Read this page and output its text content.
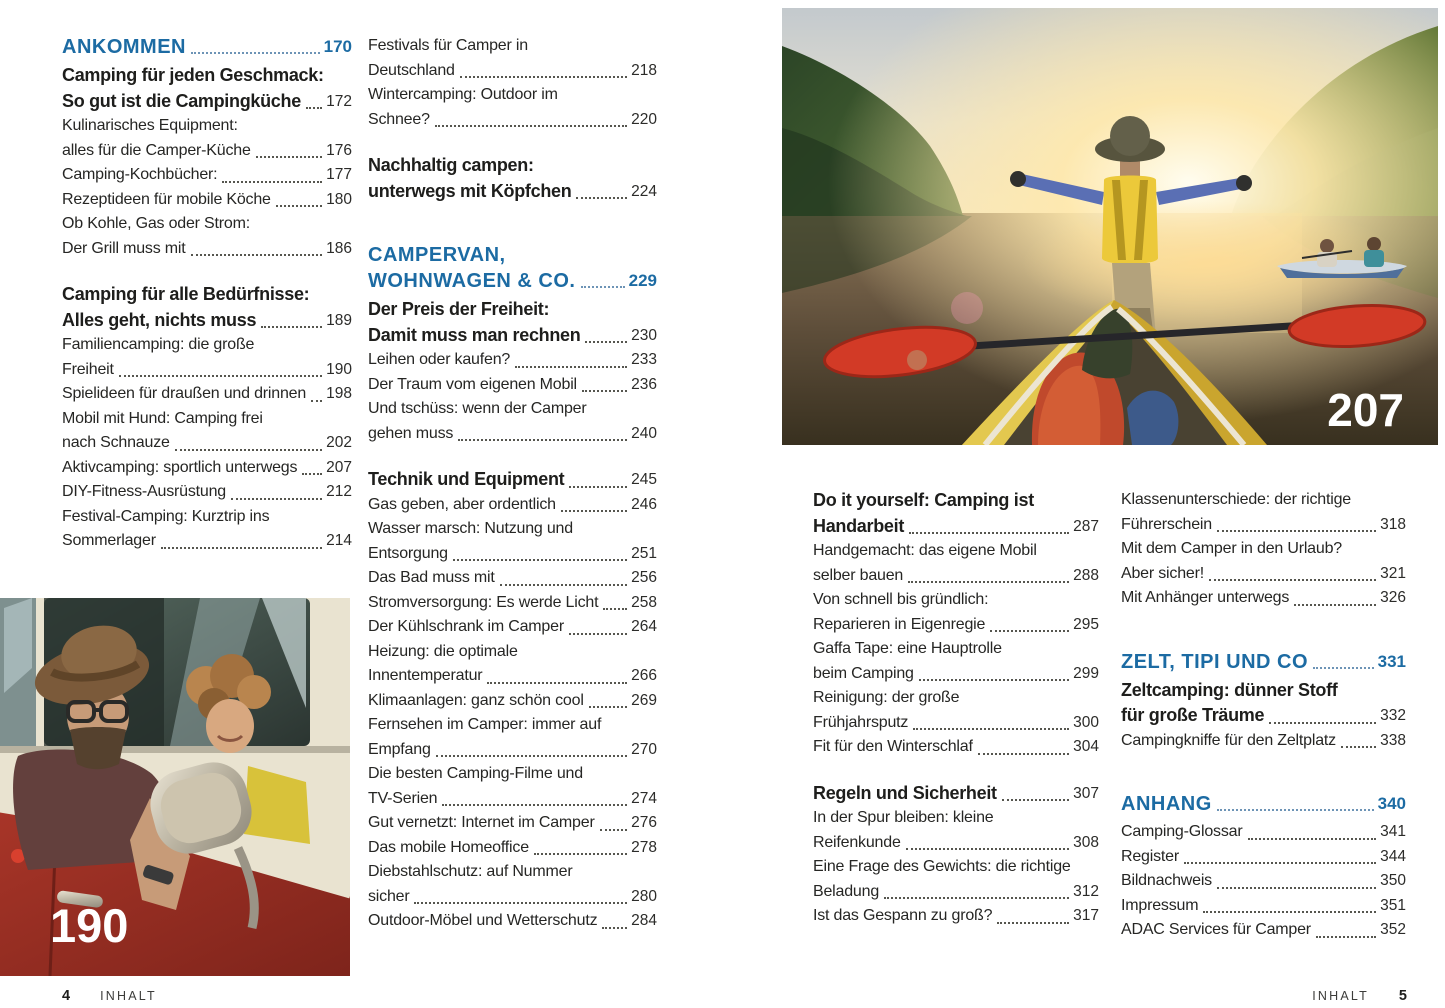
ANKOMMEN	170
Camping für jeden Geschmack:
So gut ist die Campingküche 172
Kulinarisches Equipment:
alles für die Camper-Küche	176
Camping-Kochbücher:	177
Rezeptideen für mobile Köche	180
Ob Kohle, Gas oder Strom:
Der Grill muss mit	186
Camping für alle Bedürfnisse:
Alles geht, nichts muss	189
Familiencamping: die große
Freiheit	190
Spielideen für draußen und drinnen 198
Mobil mit Hund: Camping frei
nach Schnauze	202
Aktivcamping: sportlich unterwegs 207
DIY-Fitness-Ausrüstung	212
Festival-Camping: Kurztrip ins
Sommerlager	214
Festivals für Camper in
Deutschland	218
Wintercamping: Outdoor im
Schnee?	220
Nachhaltig campen:
unterwegs mit Köpfchen	224
CAMPERVAN,
WOHNWAGEN & CO.	229
Der Preis der Freiheit:
Damit muss man rechnen	230
Leihen oder kaufen?	233
Der Traum vom eigenen Mobil	236
Und tschüss: wenn der Camper
gehen muss	240
Technik und Equipment	245
Gas geben, aber ordentlich	246
Wasser marsch: Nutzung und
Entsorgung	251
Das Bad muss mit	256
Stromversorgung: Es werde Licht 258
Der Kühlschrank im Camper	264
Heizung: die optimale
Innentemperatur	266
Klimaanlagen: ganz schön cool	269
Fernsehen im Camper: immer auf
Empfang	270
Die besten Camping-Filme und
TV-Serien	274
Gut vernetzt: Internet im Camper 276
Das mobile Homeoffice	278
Diebstahlschutz: auf Nummer
sicher	280
Outdoor-Möbel und Wetterschutz 284
Do it yourself: Camping ist
Handarbeit	287
Handgemacht: das eigene Mobil
selber bauen	288
Von schnell bis gründlich:
Reparieren in Eigenregie	295
Gaffa Tape: eine Hauptrolle
beim Camping	299
Reinigung: der große
Frühjahrsputz	300
Fit für den Winterschlaf	304
Regeln und Sicherheit	307
In der Spur bleiben: kleine
Reifenkunde	308
Eine Frage des Gewichts: die richtige
Beladung	312
Ist das Gespann zu groß?	317
Klassenunterschiede: der richtige
Führerschein	318
Mit dem Camper in den Urlaub?
Aber sicher!	321
Mit Anhänger unterwegs	326
ZELT, TIPI UND CO	331
Zeltcamping: dünner Stoff
für große Träume	332
Campingkniffe für den Zeltplatz	338
ANHANG	340
Camping-Glossar	341
Register	344
Bildnachweis	350
Impressum	351
ADAC Services für Camper	352
207
190
4 INHALT	INHALT 5
